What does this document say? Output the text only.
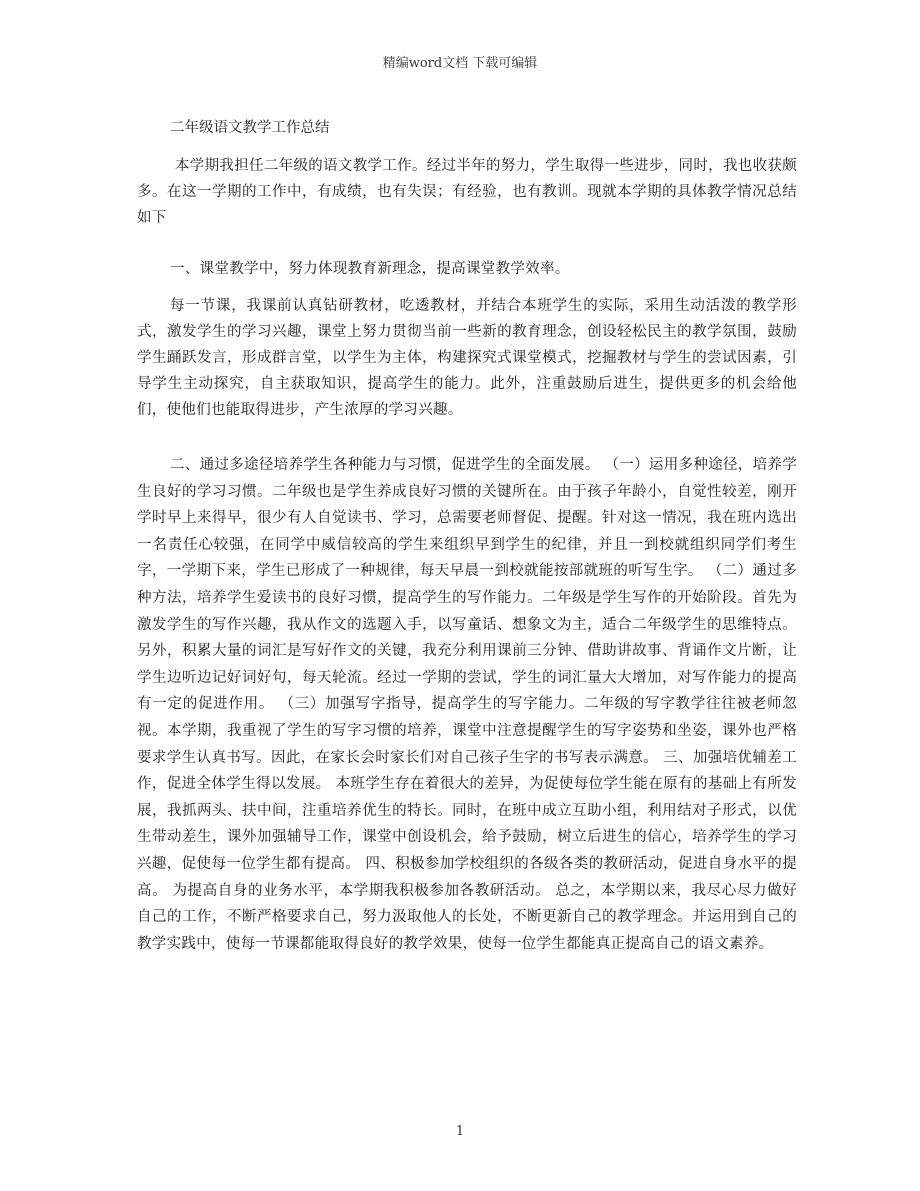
精编word文档 下载可编辑
二年级语文教学工作总结
本学期我担任二年级的语文教学工作。经过半年的努力，学生取得一些进步，同时，我也收获颇多。在这一学期的工作中，有成绩，也有失误；有经验，也有教训。现就本学期的具体教学情况总结如下
一、课堂教学中，努力体现教育新理念，提高课堂教学效率。
每一节课，我课前认真钻研教材，吃透教材，并结合本班学生的实际，采用生动活泼的教学形式，激发学生的学习兴趣，课堂上努力贯彻当前一些新的教育理念，创设轻松民主的教学氛围，鼓励学生踊跃发言，形成群言堂，以学生为主体，构建探究式课堂模式，挖掘教材与学生的尝试因素，引导学生主动探究，自主获取知识，提高学生的能力。此外，注重鼓励后进生，提供更多的机会给他们，使他们也能取得进步，产生浓厚的学习兴趣。
二、通过多途径培养学生各种能力与习惯，促进学生的全面发展。 （一）运用多种途径，培养学生良好的学习习惯。二年级也是学生养成良好习惯的关键所在。由于孩子年龄小，自觉性较差，刚开学时早上来得早，很少有人自觉读书、学习，总需要老师督促、提醒。针对这一情况，我在班内选出一名责任心较强，在同学中威信较高的学生来组织早到学生的纪律，并且一到校就组织同学们考生字，一学期下来，学生已形成了一种规律，每天早晨一到校就能按部就班的听写生字。 （二）通过多种方法，培养学生爱读书的良好习惯，提高学生的写作能力。二年级是学生写作的开始阶段。首先为激发学生的写作兴趣，我从作文的选题入手，以写童话、想象文为主，适合二年级学生的思维特点。另外，积累大量的词汇是写好作文的关键，我充分利用课前三分钟、借助讲故事、背诵作文片断，让学生边听边记好词好句，每天轮流。经过一学期的尝试，学生的词汇量大大增加，对写作能力的提高有一定的促进作用。 （三）加强写字指导，提高学生的写字能力。二年级的写字教学往往被老师忽视。本学期，我重视了学生的写字习惯的培养，课堂中注意提醒学生的写字姿势和坐姿，课外也严格要求学生认真书写。因此，在家长会时家长们对自己孩子生字的书写表示满意。 三、加强培优辅差工作，促进全体学生得以发展。 本班学生存在着很大的差异，为促使每位学生能在原有的基础上有所发展，我抓两头、扶中间，注重培养优生的特长。同时，在班中成立互助小组，利用结对子形式，以优生带动差生，课外加强辅导工作，课堂中创设机会，给予鼓励，树立后进生的信心，培养学生的学习兴趣，促使每一位学生都有提高。 四、积极参加学校组织的各级各类的教研活动，促进自身水平的提高。 为提高自身的业务水平，本学期我积极参加各教研活动。 总之，本学期以来，我尽心尽力做好自己的工作，不断严格要求自己，努力汲取他人的长处，不断更新自己的教学理念。并运用到自己的教学实践中，使每一节课都能取得良好的教学效果，使每一位学生都能真正提高自己的语文素养。
1
